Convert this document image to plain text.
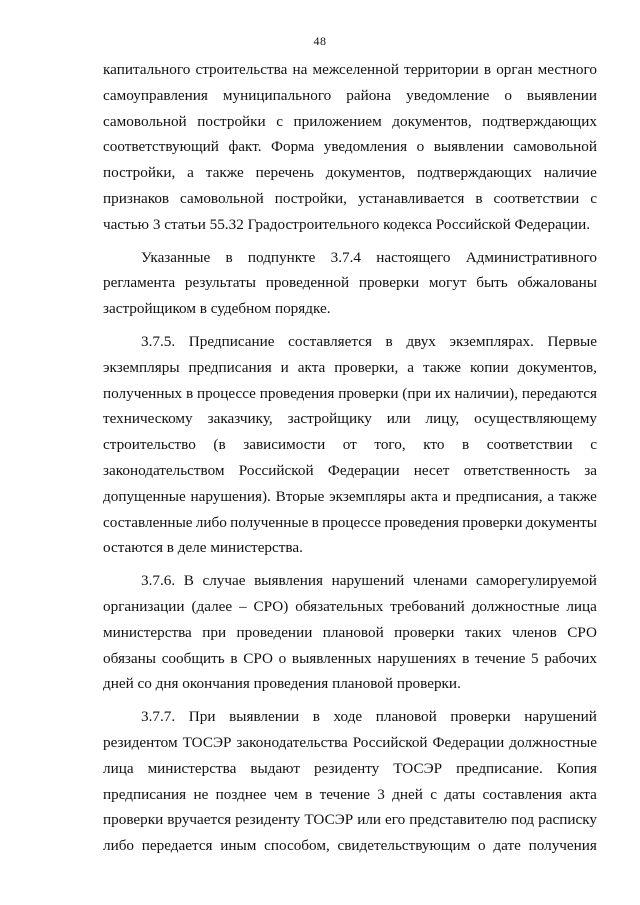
48
капитального строительства на межселенной территории в орган местного
самоуправления муниципального района уведомление о выявлении
самовольной постройки с приложением документов, подтверждающих
соответствующий факт. Форма уведомления о выявлении самовольной
постройки, а также перечень документов, подтверждающих наличие
признаков самовольной постройки, устанавливается в соответствии с
частью 3 статьи 55.32 Градостроительного кодекса Российской Федерации.
Указанные в подпункте 3.7.4 настоящего Административного
регламента результаты проведенной проверки могут быть обжалованы
застройщиком в судебном порядке.
3.7.5. Предписание составляется в двух экземплярах. Первые
экземпляры предписания и акта проверки, а также копии документов,
полученных в процессе проведения проверки (при их наличии), передаются
техническому заказчику, застройщику или лицу, осуществляющему
строительство (в зависимости от того, кто в соответствии с
законодательством Российской Федерации несет ответственность за
допущенные нарушения). Вторые экземпляры акта и предписания, а также
составленные либо полученные в процессе проведения проверки документы
остаются в деле министерства.
3.7.6. В случае выявления нарушений членами саморегулируемой
организации (далее – СРО) обязательных требований должностные лица
министерства при проведении плановой проверки таких членов СРО
обязаны сообщить в СРО о выявленных нарушениях в течение 5 рабочих
дней со дня окончания проведения плановой проверки.
3.7.7. При выявлении в ходе плановой проверки нарушений
резидентом ТОСЭР законодательства Российской Федерации должностные
лица министерства выдают резиденту ТОСЭР предписание. Копия
предписания не позднее чем в течение 3 дней с даты составления акта
проверки вручается резиденту ТОСЭР или его представителю под расписку
либо передается иным способом, свидетельствующим о дате получения
